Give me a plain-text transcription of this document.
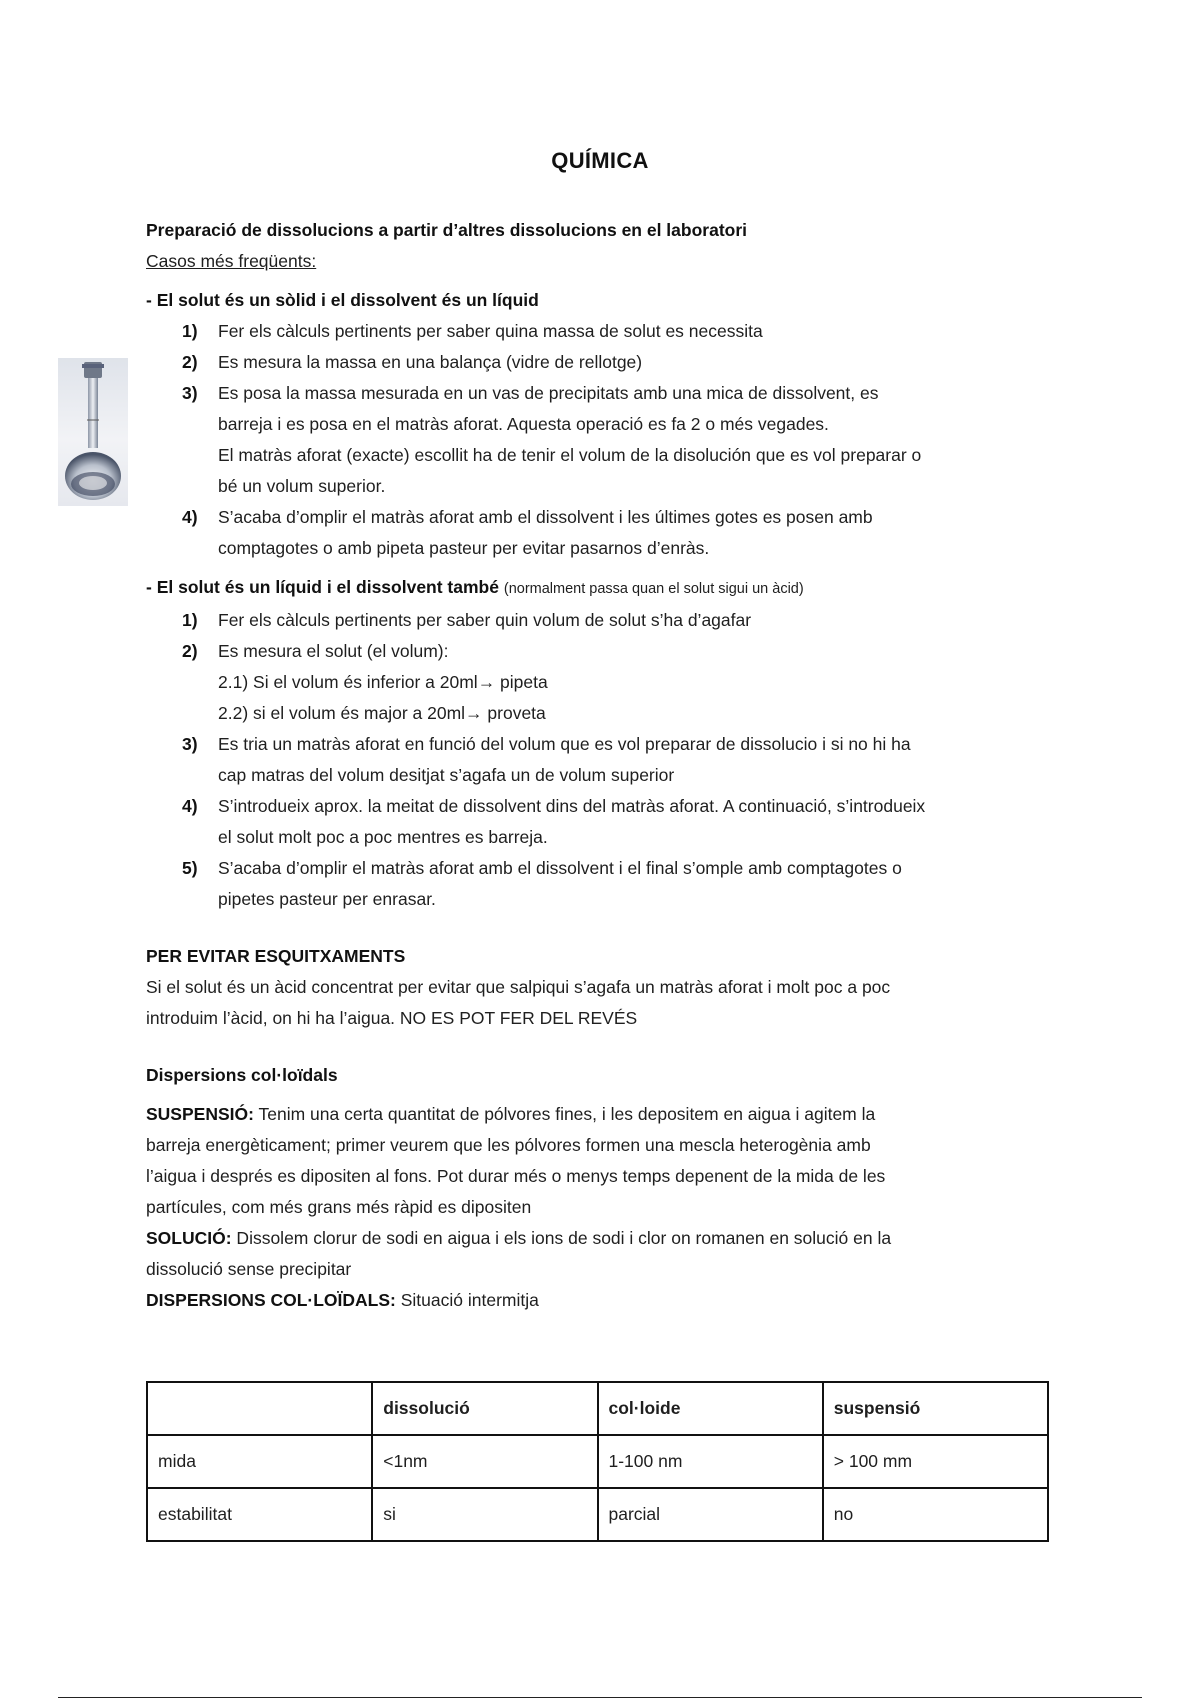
QUÍMICA
Preparació de dissolucions a partir d’altres dissolucions en el laboratori
Casos més freqüents:
- El solut és un sòlid i el dissolvent és un líquid
1) Fer els càlculs pertinents per saber quina massa de solut es necessita
2) Es mesura la massa en una balança (vidre de rellotge)
3) Es posa la massa mesurada en un vas de precipitats amb una mica de dissolvent, es
barreja i es posa en el matràs aforat. Aquesta operació es fa 2 o més vegades.
El matràs aforat (exacte) escollit ha de tenir el volum de la disolución que es vol preparar o
bé un volum superior.
4) S’acaba d’omplir el matràs aforat amb el dissolvent i les últimes gotes es posen amb
comptagotes o amb pipeta pasteur per evitar pasarnos d’enràs.
- El solut és un líquid i el dissolvent també (normalment passa quan el solut sigui un àcid)
1) Fer els càlculs pertinents per saber quin volum de solut s’ha d’agafar
2) Es mesura el solut (el volum):
2.1) Si el volum és inferior a 20ml→ pipeta
2.2) si el volum és major a 20ml→ proveta
3) Es tria un matràs aforat en funció del volum que es vol preparar de dissolucio i si no hi ha
cap matras del volum desitjat s’agafa un de volum superior
4) S’introdueix aprox. la meitat de dissolvent dins del matràs aforat. A continuació, s’introdueix
el solut molt poc a poc mentres es barreja.
5) S’acaba d’omplir el matràs aforat amb el dissolvent i el final s’omple amb comptagotes o
pipetes pasteur per enrasar.
PER EVITAR ESQUITXAMENTS
Si el solut és un àcid concentrat per evitar que salpiqui s’agafa un matràs aforat i molt poc a poc
introduim l’àcid, on hi ha l’aigua. NO ES POT FER DEL REVÉS
Dispersions col·loïdals
SUSPENSIÓ: Tenim una certa quantitat de pólvores fines, i les depositem en aigua i agitem la
barreja energèticament; primer veurem que les pólvores formen una mescla heterogènia amb
l’aigua i després es dipositen al fons. Pot durar més o menys temps depenent de la mida de les
partícules, com més grans més ràpid es dipositen
SOLUCIÓ: Dissolem clorur de sodi en aigua i els ions de sodi i clor on romanen en solució en la
dissolució sense precipitar
DISPERSIONS COL·LOÏDALS: Situació intermitja
	dissolució	col·loide	suspensió
mida	<1nm	1-100 nm	> 100 mm
estabilitat	si	parcial	no
